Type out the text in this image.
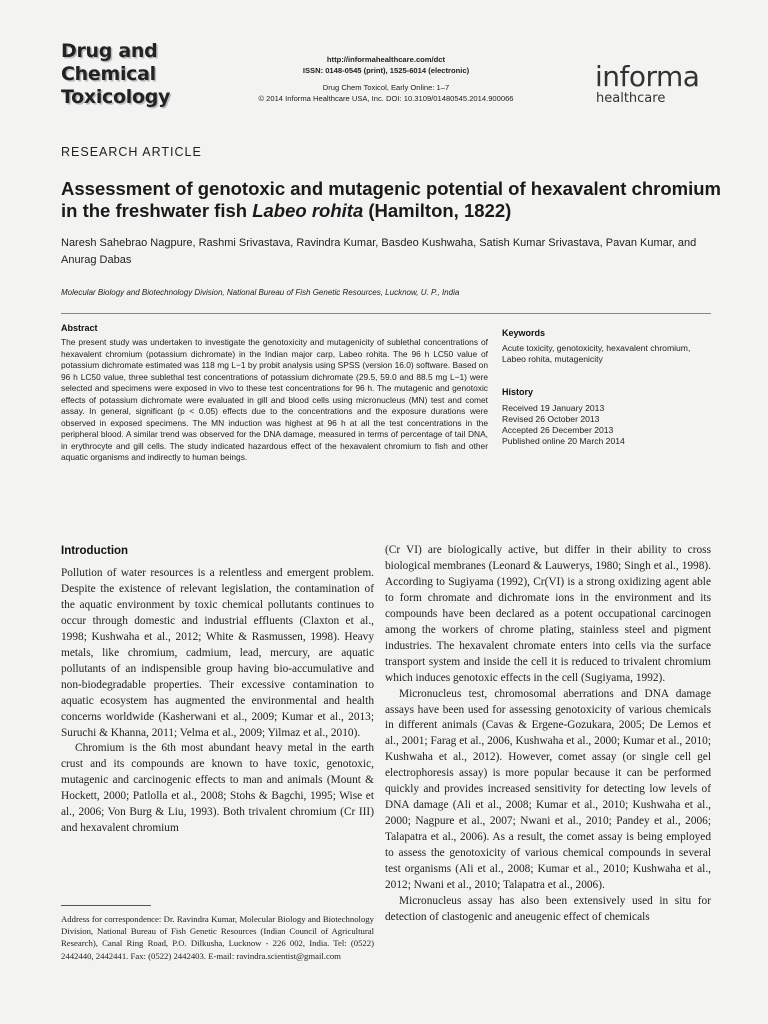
Drug and
Chemical
Toxicology
http://informahealthcare.com/dct
ISSN: 0148-0545 (print), 1525-6014 (electronic)
Drug Chem Toxicol, Early Online: 1–7
© 2014 Informa Healthcare USA, Inc. DOI: 10.3109/01480545.2014.900066
informa
healthcare
RESEARCH ARTICLE
Assessment of genotoxic and mutagenic potential of hexavalent chromium in the freshwater fish Labeo rohita (Hamilton, 1822)
Naresh Sahebrao Nagpure, Rashmi Srivastava, Ravindra Kumar, Basdeo Kushwaha, Satish Kumar Srivastava, Pavan Kumar, and Anurag Dabas
Molecular Biology and Biotechnology Division, National Bureau of Fish Genetic Resources, Lucknow, U. P., India
Abstract

The present study was undertaken to investigate the genotoxicity and mutagenicity of sublethal concentrations of hexavalent chromium (potassium dichromate) in the Indian major carp, Labeo rohita. The 96 h LC50 value of potassium dichromate estimated was 118 mg L−1 by probit analysis using SPSS (version 16.0) software. Based on 96 h LC50 value, three sublethal test concentrations of potassium dichromate (29.5, 59.0 and 88.5 mg L−1) were selected and specimens were exposed in vivo to these test concentrations for 96 h. The mutagenic and genotoxic effects of potassium dichromate were evaluated in gill and blood cells using micronucleus (MN) test and comet assay. In general, significant (p < 0.05) effects due to the concentrations and the exposure durations were observed in exposed specimens. The MN induction was highest at 96 h at all the test concentrations in the peripheral blood. A similar trend was observed for the DNA damage, measured in terms of percentage of tail DNA, in erythrocyte and gill cells. The study indicated hazardous effect of the hexavalent chromium to fish and other aquatic organisms and indirectly to human beings.

Keywords
Acute toxicity, genotoxicity, hexavalent chromium, Labeo rohita, mutagenicity
History
Received 19 January 2013
Revised 26 October 2013
Accepted 26 December 2013
Published online 20 March 2014
Introduction

Pollution of water resources is a relentless and emergent problem. Despite the existence of relevant legislation, the contamination of the aquatic environment by toxic chemical pollutants continues to occur through domestic and industrial effluents (Claxton et al., 1998; Kushwaha et al., 2012; White & Rasmussen, 1998). Heavy metals, like chromium, cadmium, lead, mercury, are aquatic pollutants of an indispensible group having bio-accumulative and non-biodegradable properties. Their excessive contamination to aquatic ecosystem has augmented the environmental and health concerns worldwide (Kasherwani et al., 2009; Kumar et al., 2013; Suruchi & Khanna, 2011; Velma et al., 2009; Yilmaz et al., 2010).

Chromium is the 6th most abundant heavy metal in the earth crust and its compounds are known to have toxic, genotoxic, mutagenic and carcinogenic effects to man and animals (Mount & Hockett, 2000; Patlolla et al., 2008; Stohs & Bagchi, 1995; Wise et al., 2006; Von Burg & Liu, 1993). Both trivalent chromium (Cr III) and hexavalent chromium

(Cr VI) are biologically active, but differ in their ability to cross biological membranes (Leonard & Lauwerys, 1980; Singh et al., 1998). According to Sugiyama (1992), Cr(VI) is a strong oxidizing agent able to form chromate and dichromate ions in the environment and its compounds have been declared as a potent occupational carcinogen among the workers of chrome plating, stainless steel and pigment industries. The hexavalent chromate enters into cells via the surface transport system and inside the cell it is reduced to trivalent chromium which induces genotoxic effects in the cell (Sugiyama, 1992).

Micronucleus test, chromosomal aberrations and DNA damage assays have been used for assessing genotoxicity of various chemicals in different animals (Cavas & Ergene-Gozukara, 2005; De Lemos et al., 2001; Farag et al., 2006, Kushwaha et al., 2000; Kumar et al., 2010; Kushwaha et al., 2012). However, comet assay (or single cell gel electrophoresis assay) is more popular because it can be performed quickly and provides increased sensitivity for detecting low levels of DNA damage (Ali et al., 2008; Kumar et al., 2010; Kushwaha et al., 2000; Nagpure et al., 2007; Nwani et al., 2010; Pandey et al., 2006; Talapatra et al., 2006). As a result, the comet assay is being employed to assess the genotoxicity of various chemical compounds in several test organisms (Ali et al., 2008; Kumar et al., 2010; Kushwaha et al., 2012; Nwani et al., 2010; Talapatra et al., 2006).

Micronucleus assay has also been extensively used in situ for detection of clastogenic and aneugenic effect of chemicals

Address for correspondence: Dr. Ravindra Kumar, Molecular Biology and Biotechnology Division, National Bureau of Fish Genetic Resources (Indian Council of Agricultural Research), Canal Ring Road, P.O. Dilkusha, Lucknow - 226 002, India. Tel: (0522) 2442440, 2442441. Fax: (0522) 2442403. E-mail: ravindra.scientist@gmail.com
